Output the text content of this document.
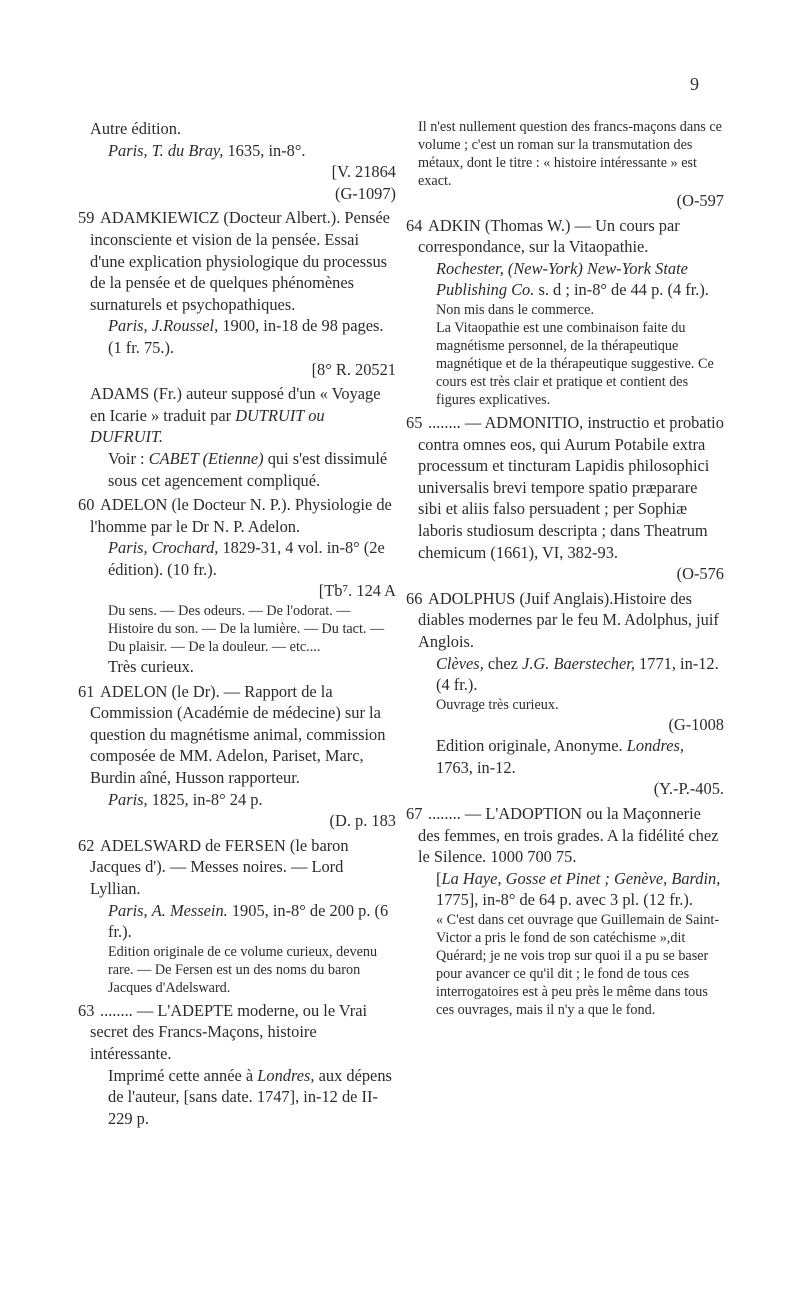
9
Autre édition.
Paris, T. du Bray, 1635, in-8°.
[V. 21864
(G-1097)
59 ADAMKIEWICZ (Docteur Albert.). Pensée inconsciente et vision de la pensée. Essai d'une explication physiologique du processus de la pensée et de quelques phénomènes surnaturels et psychopathiques.
Paris, J.Roussel, 1900, in-18 de 98 pages. (1 fr. 75.).
[8° R. 20521
ADAMS (Fr.) auteur supposé d'un « Voyage en Icarie » traduit par DUTRUIT ou DUFRUIT.
Voir : CABET (Etienne) qui s'est dissimulé sous cet agencement compliqué.
60 ADELON (le Docteur N. P.). Physiologie de l'homme par le Dr N. P. Adelon.
Paris, Crochard, 1829-31, 4 vol. in-8° (2e édition). (10 fr.).
[Tb⁷. 124 A
Du sens. — Des odeurs. — De l'odorat. — Histoire du son. — De la lumière. — Du tact. — Du plaisir. — De la douleur. — etc....
Très curieux.
61 ADELON (le Dr). — Rapport de la Commission (Académie de médecine) sur la question du magnétisme animal, commission composée de MM. Adelon, Pariset, Marc, Burdin aîné, Husson rapporteur.
Paris, 1825, in-8° 24 p.
(D. p. 183
62 ADELSWARD de FERSEN (le baron Jacques d'). — Messes noires. — Lord Lyllian.
Paris, A. Messein. 1905, in-8° de 200 p. (6 fr.).
Edition originale de ce volume curieux, devenu rare. — De Fersen est un des noms du baron Jacques d'Adelsward.
63 ........ — L'ADEPTE moderne, ou le Vrai secret des Francs-Maçons, histoire intéressante.
Imprimé cette année à Londres, aux dépens de l'auteur, [sans date. 1747], in-12 de II-229 p.
Il n'est nullement question des francs-maçons dans ce volume ; c'est un roman sur la transmutation des métaux, dont le titre : « histoire intéressante » est exact.
(O-597
64 ADKIN (Thomas W.) — Un cours par correspondance, sur la Vitaopathie.
Rochester, (New-York) New-York State Publishing Co. s. d ; in-8° de 44 p. (4 fr.).
Non mis dans le commerce.
La Vitaopathie est une combinaison faite du magnétisme personnel, de la thérapeutique magnétique et de la thérapeutique suggestive. Ce cours est très clair et pratique et contient des figures explicatives.
65 ........ — ADMONITIO, instructio et probatio contra omnes eos, qui Aurum Potabile extra processum et tincturam Lapidis philosophici universalis brevi tempore spatio præparare sibi et aliis falso persuadent ; per Sophiæ laboris studiosum descripta ; dans Theatrum chemicum (1661), VI, 382-93.
(O-576
66 ADOLPHUS (Juif Anglais).Histoire des diables modernes par le feu M. Adolphus, juif Anglois.
Clèves, chez J.G. Baerstecher, 1771, in-12. (4 fr.).
Ouvrage très curieux.
(G-1008
Edition originale, Anonyme. Londres, 1763, in-12.
(Y.-P.-405.
67 ........ — L'ADOPTION ou la Maçonnerie des femmes, en trois grades. A la fidélité chez le Silence. 1000 700 75.
[La Haye, Gosse et Pinet ; Genève, Bardin, 1775], in-8° de 64 p. avec 3 pl. (12 fr.).
« C'est dans cet ouvrage que Guillemain de Saint-Victor a pris le fond de son catéchisme »,dit Quérard; je ne vois trop sur quoi il a pu se baser pour avancer ce qu'il dit ; le fond de tous ces interrogatoires est à peu près le même dans tous ces ouvrages, mais il n'y a que le fond.
